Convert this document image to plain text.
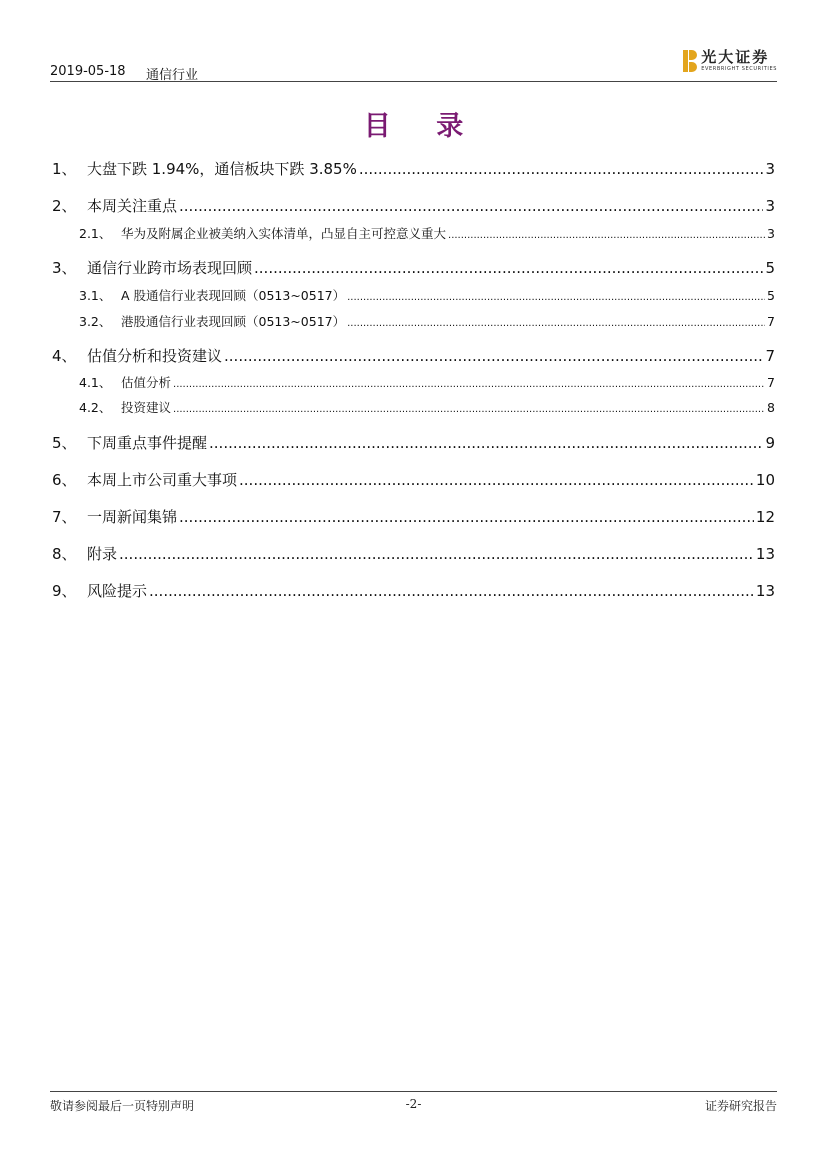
2019-05-18 通信行业
光大证券
EVERBRIGHT SECURITIES
目 录
1、 大盘下跌 1.94%，通信板块下跌 3.85% .....	3
2、 本周关注重点 .....	3
2.1、 华为及附属企业被美纳入实体清单，凸显自主可控意义重大 .....	3
3、 通信行业跨市场表现回顾 .....	5
3.1、 A 股通信行业表现回顾（0513~0517） .....	5
3.2、 港股通信行业表现回顾（0513~0517） .....	7
4、 估值分析和投资建议 .....	7
4.1、 估值分析 .....	7
4.2、 投资建议 .....	8
5、 下周重点事件提醒 .....	9
6、 本周上市公司重大事项 .....	10
7、 一周新闻集锦 .....	12
8、 附录 .....	13
9、 风险提示 .....	13
敬请参阅最后一页特别声明	-2-	证券研究报告
